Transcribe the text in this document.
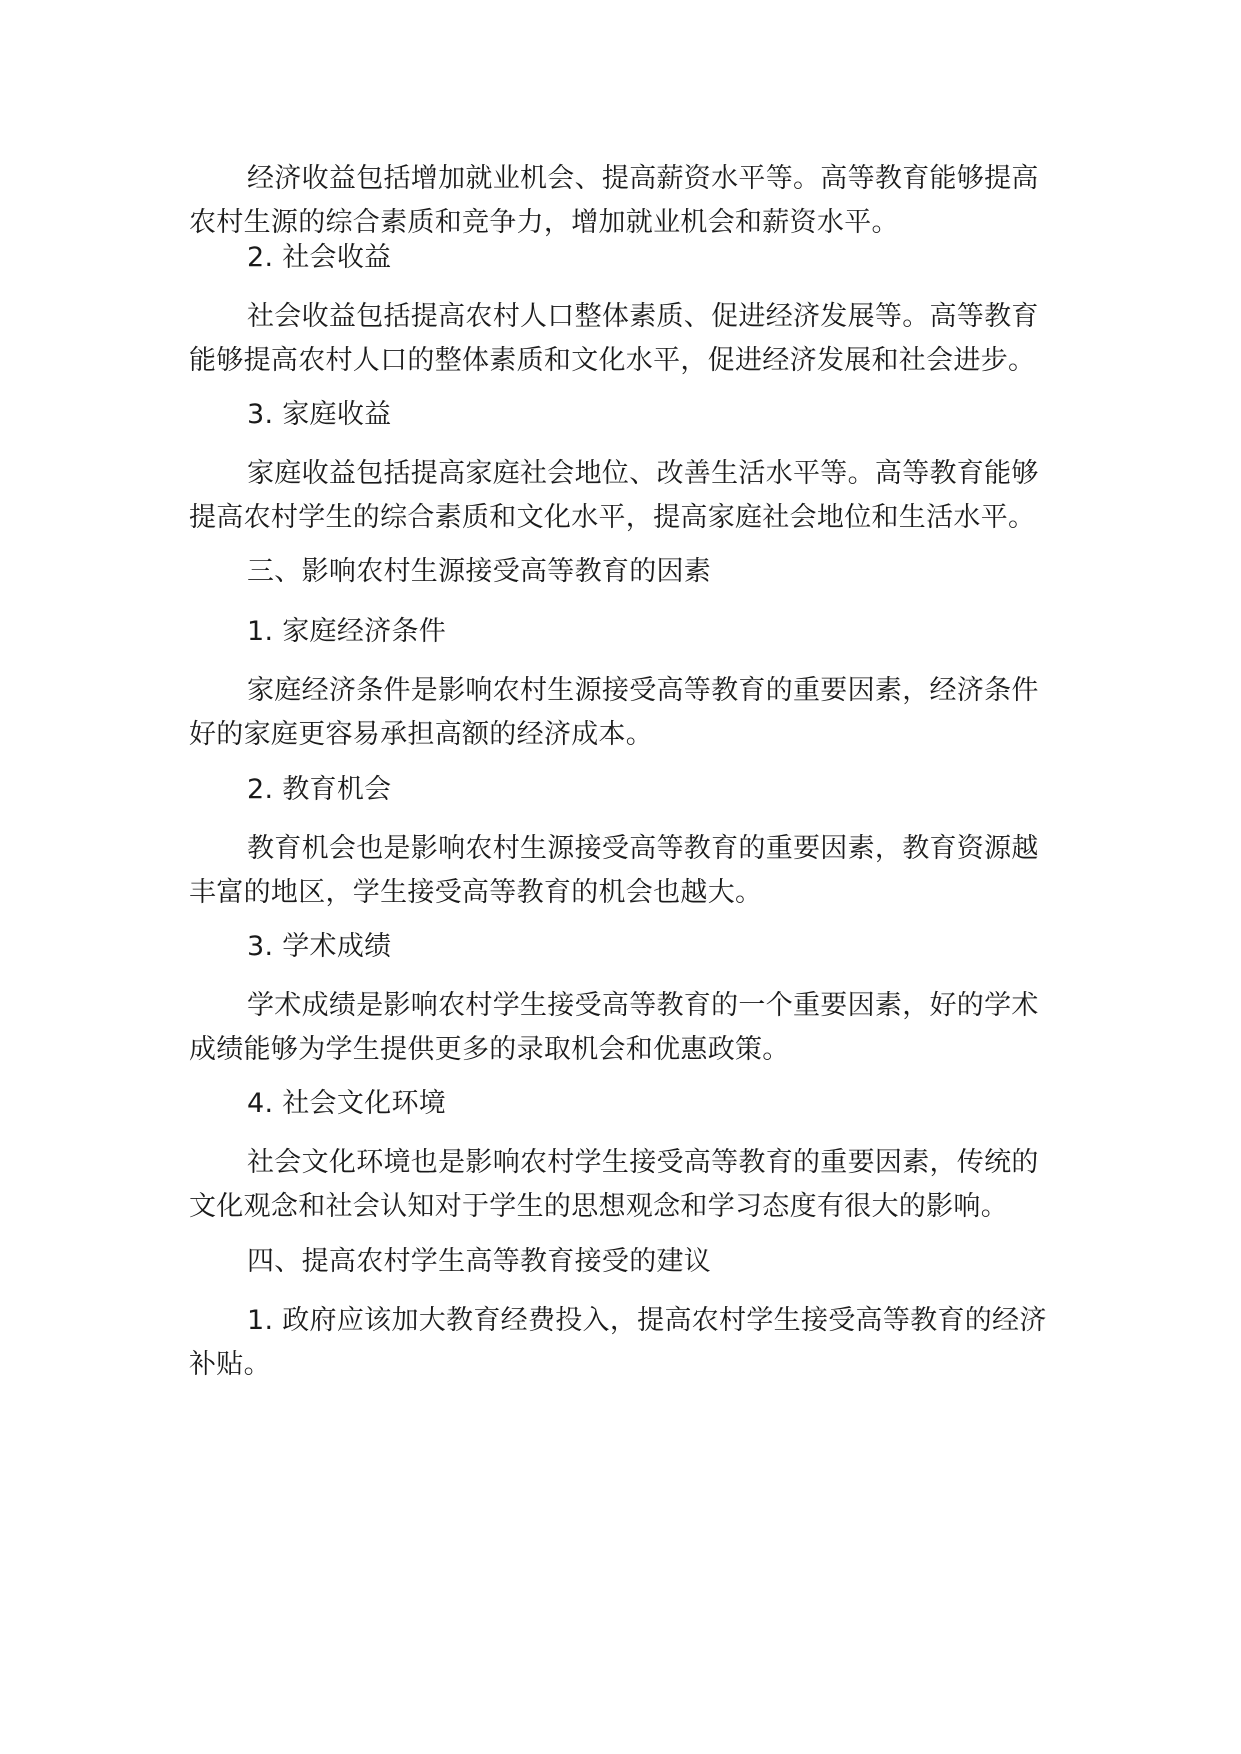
经济收益包括增加就业机会、提高薪资水平等。高等教育能够提高农村生源的综合素质和竞争力，增加就业机会和薪资水平。

2. 社会收益

社会收益包括提高农村人口整体素质、促进经济发展等。高等教育能够提高农村人口的整体素质和文化水平，促进经济发展和社会进步。

3. 家庭收益

家庭收益包括提高家庭社会地位、改善生活水平等。高等教育能够提高农村学生的综合素质和文化水平，提高家庭社会地位和生活水平。

三、影响农村生源接受高等教育的因素

1. 家庭经济条件

家庭经济条件是影响农村生源接受高等教育的重要因素，经济条件好的家庭更容易承担高额的经济成本。

2. 教育机会

教育机会也是影响农村生源接受高等教育的重要因素，教育资源越丰富的地区，学生接受高等教育的机会也越大。

3. 学术成绩

学术成绩是影响农村学生接受高等教育的一个重要因素，好的学术成绩能够为学生提供更多的录取机会和优惠政策。

4. 社会文化环境

社会文化环境也是影响农村学生接受高等教育的重要因素，传统的文化观念和社会认知对于学生的思想观念和学习态度有很大的影响。

四、提高农村学生高等教育接受的建议

1. 政府应该加大教育经费投入，提高农村学生接受高等教育的经济补贴。
